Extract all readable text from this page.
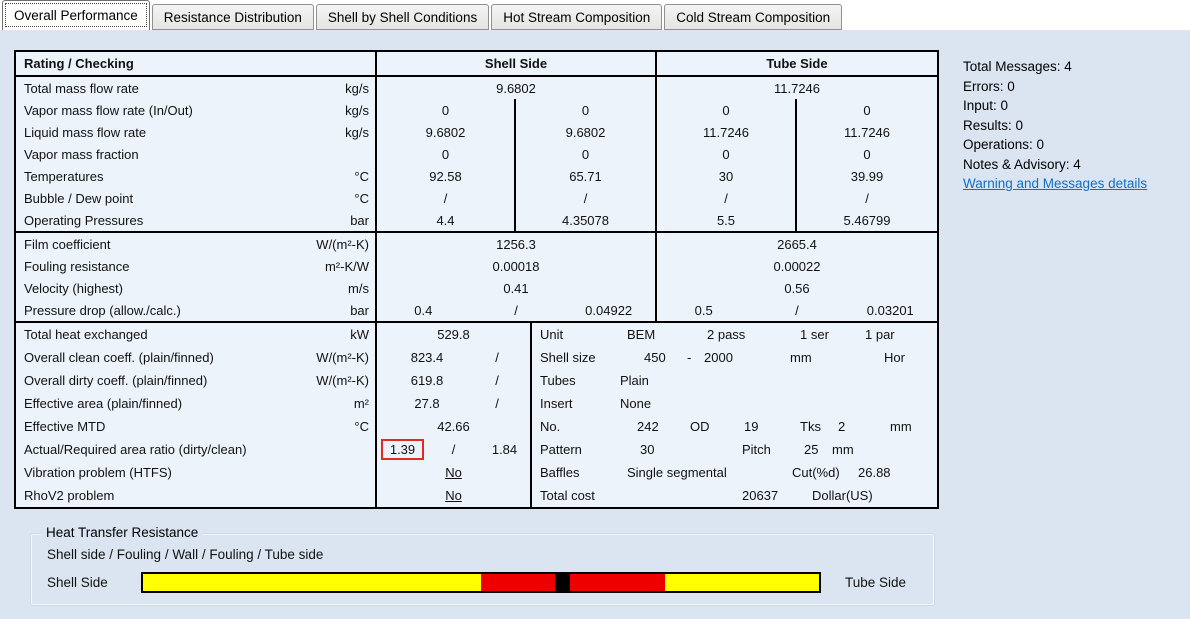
Overall Performance	Resistance Distribution	Shell by Shell Conditions	Hot Stream Composition	Cold Stream Composition
Rating / Checking	Shell Side	Tube Side
Total mass flow rate	kg/s	9.6802	11.7246
Vapor mass flow rate (In/Out)	kg/s	0	0	0	0
Liquid mass flow rate	kg/s	9.6802	9.6802	11.7246	11.7246
Vapor mass fraction	0	0	0	0
Temperatures	°C	92.58	65.71	30	39.99
Bubble / Dew point	°C	/	/	/	/
Operating Pressures	bar	4.4	4.35078	5.5	5.46799
Film coefficient	W/(m²-K)	1256.3	2665.4
Fouling resistance	m²-K/W	0.00018	0.00022
Velocity (highest)	m/s	0.41	0.56
Pressure drop (allow./calc.)	bar	0.4	/	0.04922	0.5	/	0.03201
Total heat exchanged	kW	529.8	Unit	BEM	2 pass	1 ser	1 par
Overall clean coeff. (plain/finned)	W/(m²-K)	823.4	/	Shell size	450 - 2000	mm	Hor
Overall dirty coeff. (plain/finned)	W/(m²-K)	619.8	/	Tubes	Plain
Effective area (plain/finned)	m²	27.8	/	Insert	None
Effective MTD	°C	42.66	No.	242 OD	19	Tks 2	mm
Actual/Required area ratio (dirty/clean)	1.39	/	1.84	Pattern	30	Pitch	25 mm
Vibration problem (HTFS)	No	Baffles	Single segmental	Cut(%d) 26.88
RhoV2 problem	No	Total cost	20637	Dollar(US)
Total Messages: 4
Errors: 0
Input: 0
Results: 0
Operations: 0
Notes & Advisory: 4
Warning and Messages details
Heat Transfer Resistance
Shell side / Fouling / Wall / Fouling / Tube side
Shell Side	Tube Side
